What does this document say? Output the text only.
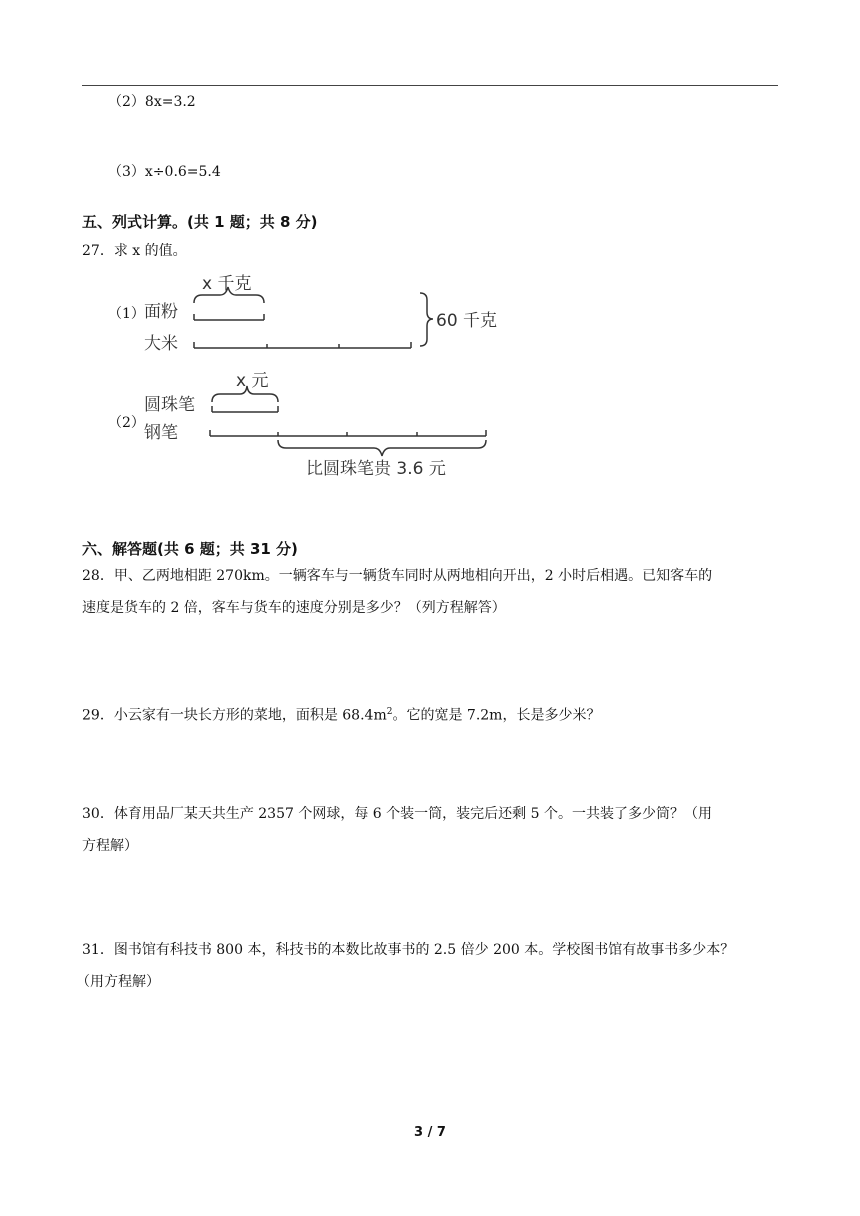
（2）8x=3.2
（3）x÷0.6=5.4
五、列式计算。(共 1 题；共 8 分)
27．求 x 的值。
（1）
x 千克
面粉
大米
60 千克
（2）
x 元
圆珠笔
钢笔
比圆珠笔贵 3.6 元
六、解答题(共 6 题；共 31 分)
28．甲、乙两地相距 270km。一辆客车与一辆货车同时从两地相向开出，2 小时后相遇。已知客车的
速度是货车的 2 倍，客车与货车的速度分别是多少？（列方程解答）
29．小云家有一块长方形的菜地，面积是 $68.4m^2$。它的宽是 7.2m，长是多少米？
30．体育用品厂某天共生产 2357 个网球，每 6 个装一筒，装完后还剩 5 个。一共装了多少筒？（用
方程解）
31．图书馆有科技书 800 本，科技书的本数比故事书的 2.5 倍少 200 本。学校图书馆有故事书多少本？
（用方程解）
3 / 7
